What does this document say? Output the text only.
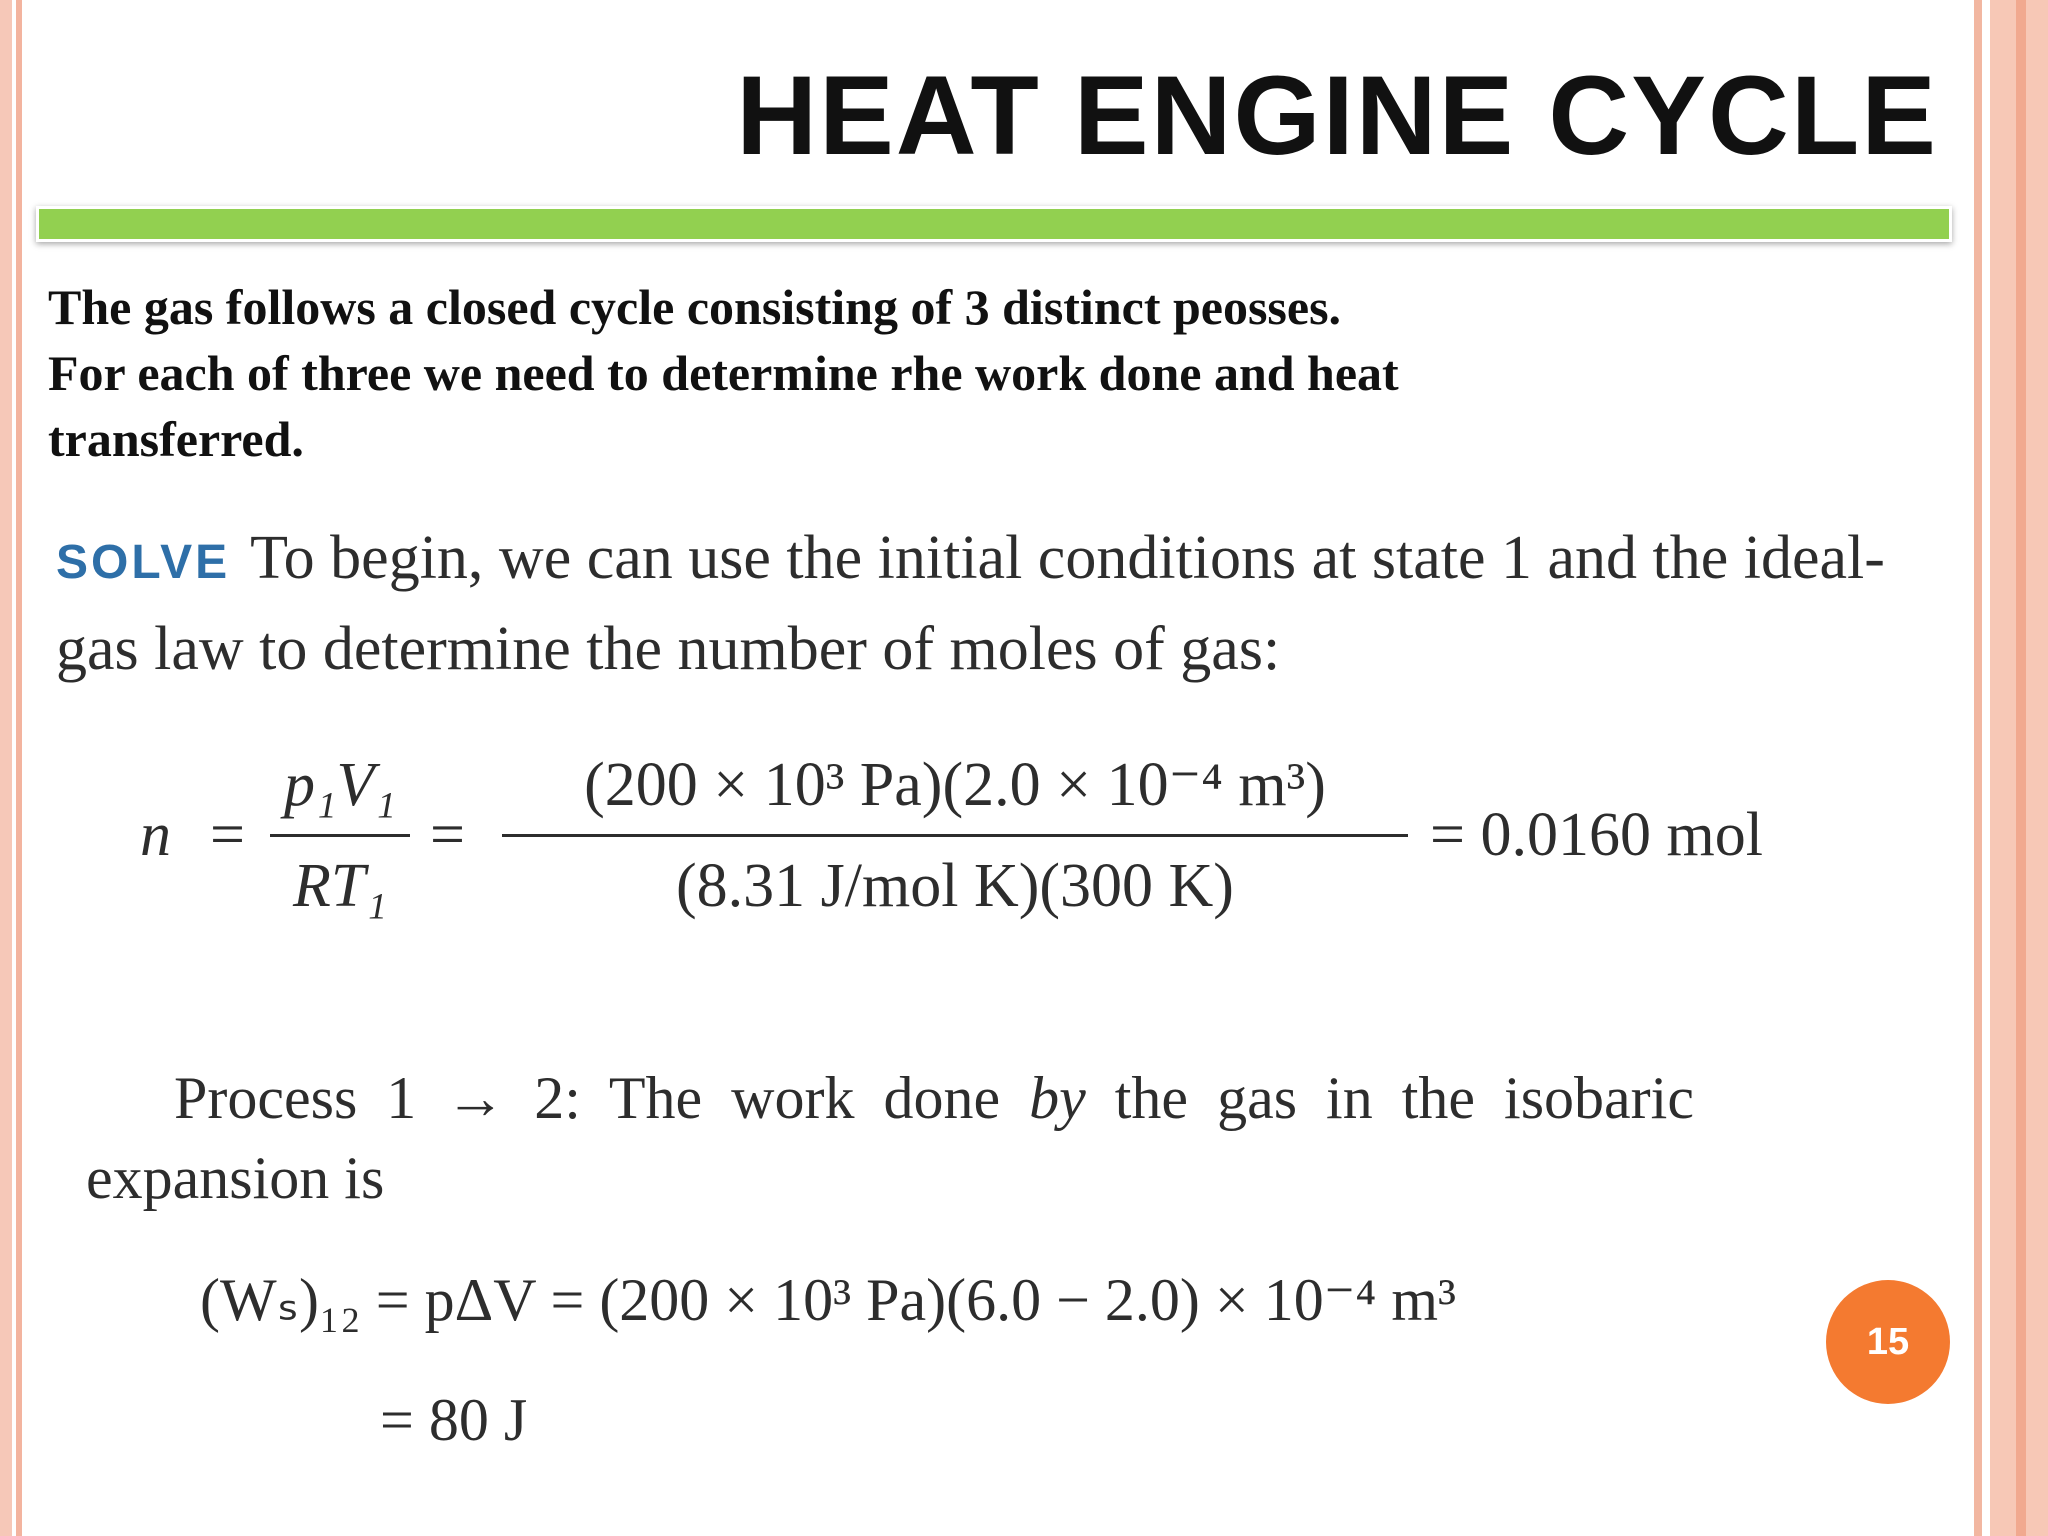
HEAT ENGINE CYCLE
The gas follows a closed cycle consisting of 3 distinct peosses.
For each of three we need to determine rhe work done and heat
transferred.

SOLVE To begin, we can use the initial conditions at state 1 and the ideal-gas law to determine the number of moles of gas:

n =
p₁V₁
RT₁
=
(200 × 10³ Pa)(2.0 × 10⁻⁴ m³)
(8.31 J/mol K)(300 K)
= 0.0160 mol
Process 1 → 2: The work done by the gas in the isobaric
expansion is

(Wₛ)₁₂ = pΔV = (200 × 10³ Pa)(6.0 − 2.0) × 10⁻⁴ m³

= 80 J

15
